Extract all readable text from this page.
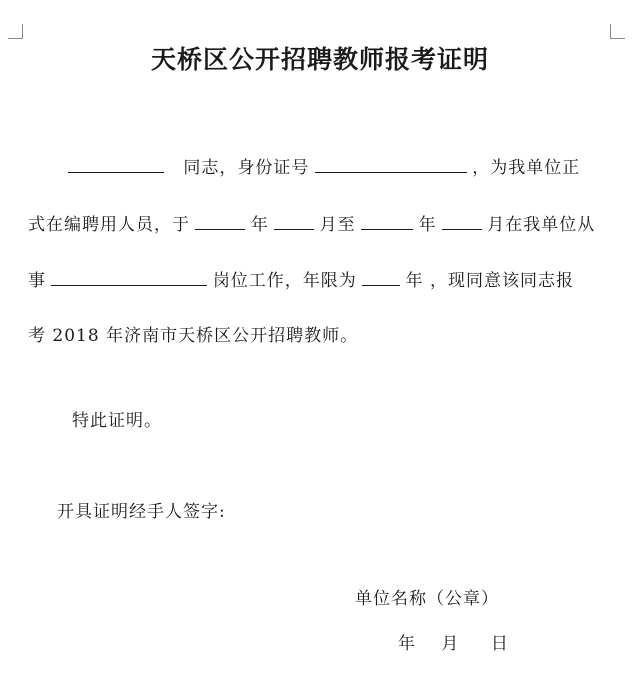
天桥区公开招聘教师报考证明
同志，身份证号	，为我单位正
式在编聘用人员，于	年	月至	年	月在我单位从
事	岗位工作，年限为	年 ，现同意该同志报
考 2018 年济南市天桥区公开招聘教师。
特此证明。
开具证明经手人签字:
单位名称（公章）
年 月 日
